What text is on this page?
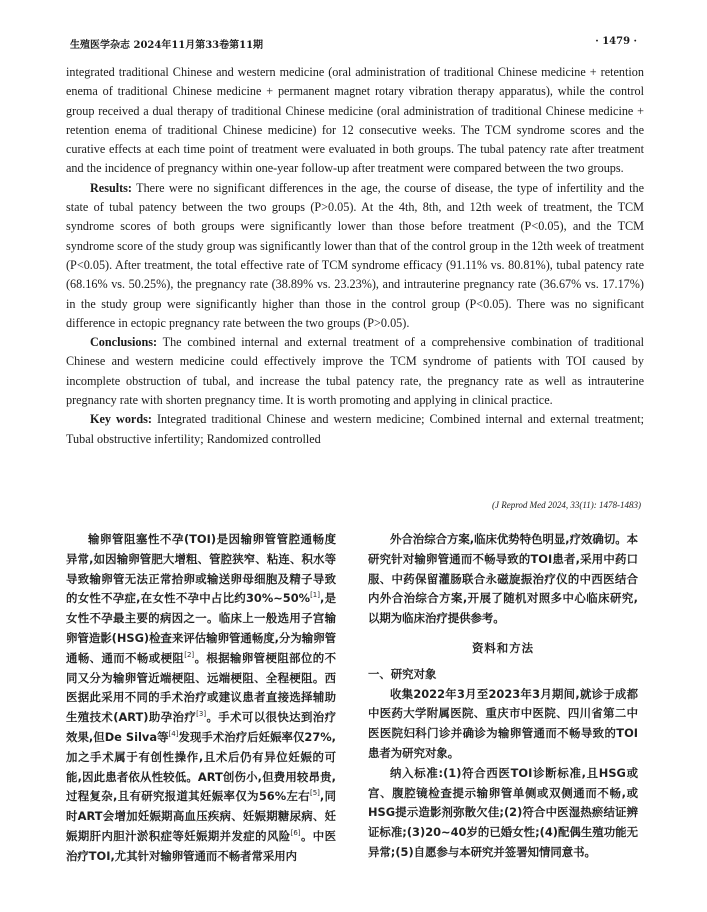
生殖医学杂志 2024年11月第33卷第11期	· 1479 ·

integrated traditional Chinese and western medicine (oral administration of traditional Chinese medicine + retention enema of traditional Chinese medicine + permanent magnet rotary vibration therapy apparatus), while the control group received a dual therapy of traditional Chinese medicine (oral administration of traditional Chinese medicine + retention enema of traditional Chinese medicine) for 12 consecutive weeks. The TCM syndrome scores and the curative effects at each time point of treatment were evaluated in both groups. The tubal patency rate after treatment and the incidence of pregnancy within one-year follow-up after treatment were compared between the two groups.

Results: There were no significant differences in the age, the course of disease, the type of infertility and the state of tubal patency between the two groups (P>0.05). At the 4th, 8th, and 12th week of treatment, the TCM syndrome scores of both groups were significantly lower than those before treatment (P<0.05), and the TCM syndrome score of the study group was significantly lower than that of the control group in the 12th week of treatment (P<0.05). After treatment, the total effective rate of TCM syndrome efficacy (91.11% vs. 80.81%), tubal patency rate (68.16% vs. 50.25%), the pregnancy rate (38.89% vs. 23.23%), and intrauterine pregnancy rate (36.67% vs. 17.17%) in the study group were significantly higher than those in the control group (P<0.05). There was no significant difference in ectopic pregnancy rate between the two groups (P>0.05).

Conclusions: The combined internal and external treatment of a comprehensive combination of traditional Chinese and western medicine could effectively improve the TCM syndrome of patients with TOI caused by incomplete obstruction of tubal, and increase the tubal patency rate, the pregnancy rate as well as intrauterine pregnancy rate with shorten pregnancy time. It is worth promoting and applying in clinical practice.

Key words: Integrated traditional Chinese and western medicine; Combined internal and external treatment; Tubal obstructive infertility; Randomized controlled

(J Reprod Med 2024, 33(11): 1478-1483)

输卵管阻塞性不孕(TOI)是因输卵管管腔通畅度异常,如因输卵管肥大增粗、管腔狭窄、粘连、积水等导致输卵管无法正常拾卵或输送卵母细胞及精子导致的女性不孕症,在女性不孕中占比约30%~50%[1],是女性不孕最主要的病因之一。临床上一般选用子宫输卵管造影(HSG)检查来评估输卵管通畅度,分为输卵管通畅、通而不畅或梗阻[2]。根据输卵管梗阻部位的不同又分为输卵管近端梗阻、远端梗阻、全程梗阻。西医据此采用不同的手术治疗或建议患者直接选择辅助生殖技术(ART)助孕治疗[3]。手术可以很快达到治疗效果,但De Silva等[4]发现手术治疗后妊娠率仅27%,加之手术属于有创性操作,且术后仍有异位妊娠的可能,因此患者依从性较低。ART创伤小,但费用较昂贵,过程复杂,且有研究报道其妊娠率仅为56%左右[5],同时ART会增加妊娠期高血压疾病、妊娠期糖尿病、妊娠期肝内胆汁淤积症等妊娠期并发症的风险[6]。中医治疗TOI,尤其针对输卵管通而不畅者常采用内

外合治综合方案,临床优势特色明显,疗效确切。本研究针对输卵管通而不畅导致的TOI患者,采用中药口服、中药保留灌肠联合永磁旋振治疗仪的中西医结合内外合治综合方案,开展了随机对照多中心临床研究,以期为临床治疗提供参考。

资料和方法

一、研究对象

收集2022年3月至2023年3月期间,就诊于成都中医药大学附属医院、重庆市中医院、四川省第二中医医院妇科门诊并确诊为输卵管通而不畅导致的TOI患者为研究对象。

纳入标准:(1)符合西医TOI诊断标准,且HSG或宫、腹腔镜检查提示输卵管单侧或双侧通而不畅,或HSG提示造影剂弥散欠佳;(2)符合中医湿热瘀结证辨证标准;(3)20~40岁的已婚女性;(4)配偶生殖功能无异常;(5)自愿参与本研究并签署知情同意书。
